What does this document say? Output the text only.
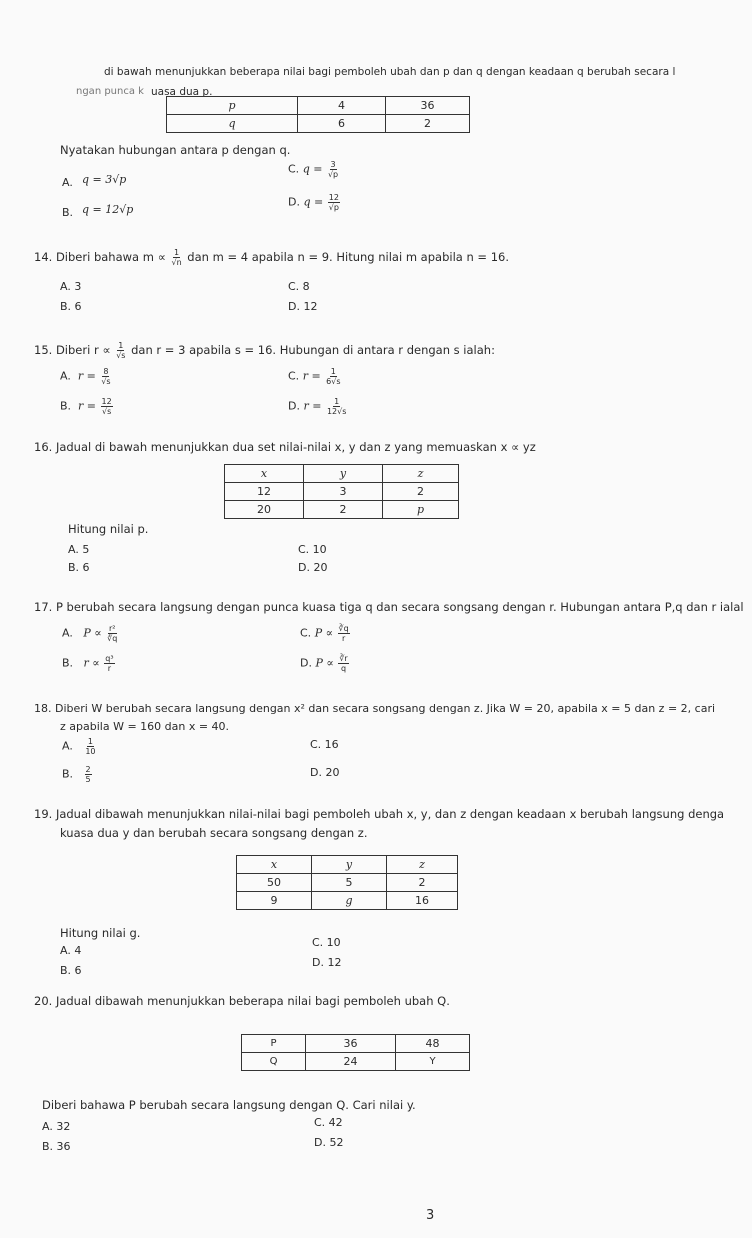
di bawah menunjukkan beberapa nilai bagi pemboleh ubah dan p dan q dengan keadaan q berubah secara l
ngan punca k uasa dua p.
p	4	36
q	6	2
Nyatakan hubungan antara p dengan q.
A. q = 3√p
B. q = 12√p
C. $q = \frac{3}{√p}$
D. $q = \frac{12}{√p}$
14. Diberi bahawa $m \propto \frac{1}{√n}$ dan m = 4 apabila n = 9. Hitung nilai m apabila n = 16.
A. 3	C. 8
B. 6	D. 12
15. Diberi $r \propto \frac{1}{√s}$ dan r = 3 apabila s = 16. Hubungan di antara r dengan s ialah:
A. $r = \frac{8}{√s}$
B. $r = \frac{12}{√s}$
C. $r = \frac{1}{6√s}$
D. $r = \frac{1}{12√s}$
16. Jadual di bawah menunjukkan dua set nilai-nilai x, y dan z yang memuaskan x ∝ yz
x	y	z
12	3	2
20	2	p
Hitung nilai p.
A. 5	C. 10
B. 6	D. 20
17. P berubah secara langsung dengan punca kuasa tiga q dan secara songsang dengan r. Hubungan antara P,q dan r ialal
A. $P \propto \frac{\text{r²}}{∛q}$
B. $r \propto \frac{\text{q³}}{r}$
C. $P \propto \frac{∛q}{r}$
D. $P \propto \frac{∛r}{q}$
18. Diberi W berubah secara langsung dengan x² dan secara songsang dengan z. Jika W = 20, apabila x = 5 dan z = 2, cari
z apabila W = 160 dan x = 40.
A. $\frac{1}{10}$
B. $\frac{2}{5}$
C. 16
D. 20
19. Jadual dibawah menunjukkan nilai-nilai bagi pemboleh ubah x, y, dan z dengan keadaan x berubah langsung denga
kuasa dua y dan berubah secara songsang dengan z.
x	y	z
50	5	2
9	g	16
Hitung nilai g.
A. 4
C. 10
B. 6
D. 12
20. Jadual dibawah menunjukkan beberapa nilai bagi pemboleh ubah Q.
P	36	48
Q	24	Y
Diberi bahawa P berubah secara langsung dengan Q. Cari nilai y.
A. 32	C. 42
B. 36	D. 52
3
